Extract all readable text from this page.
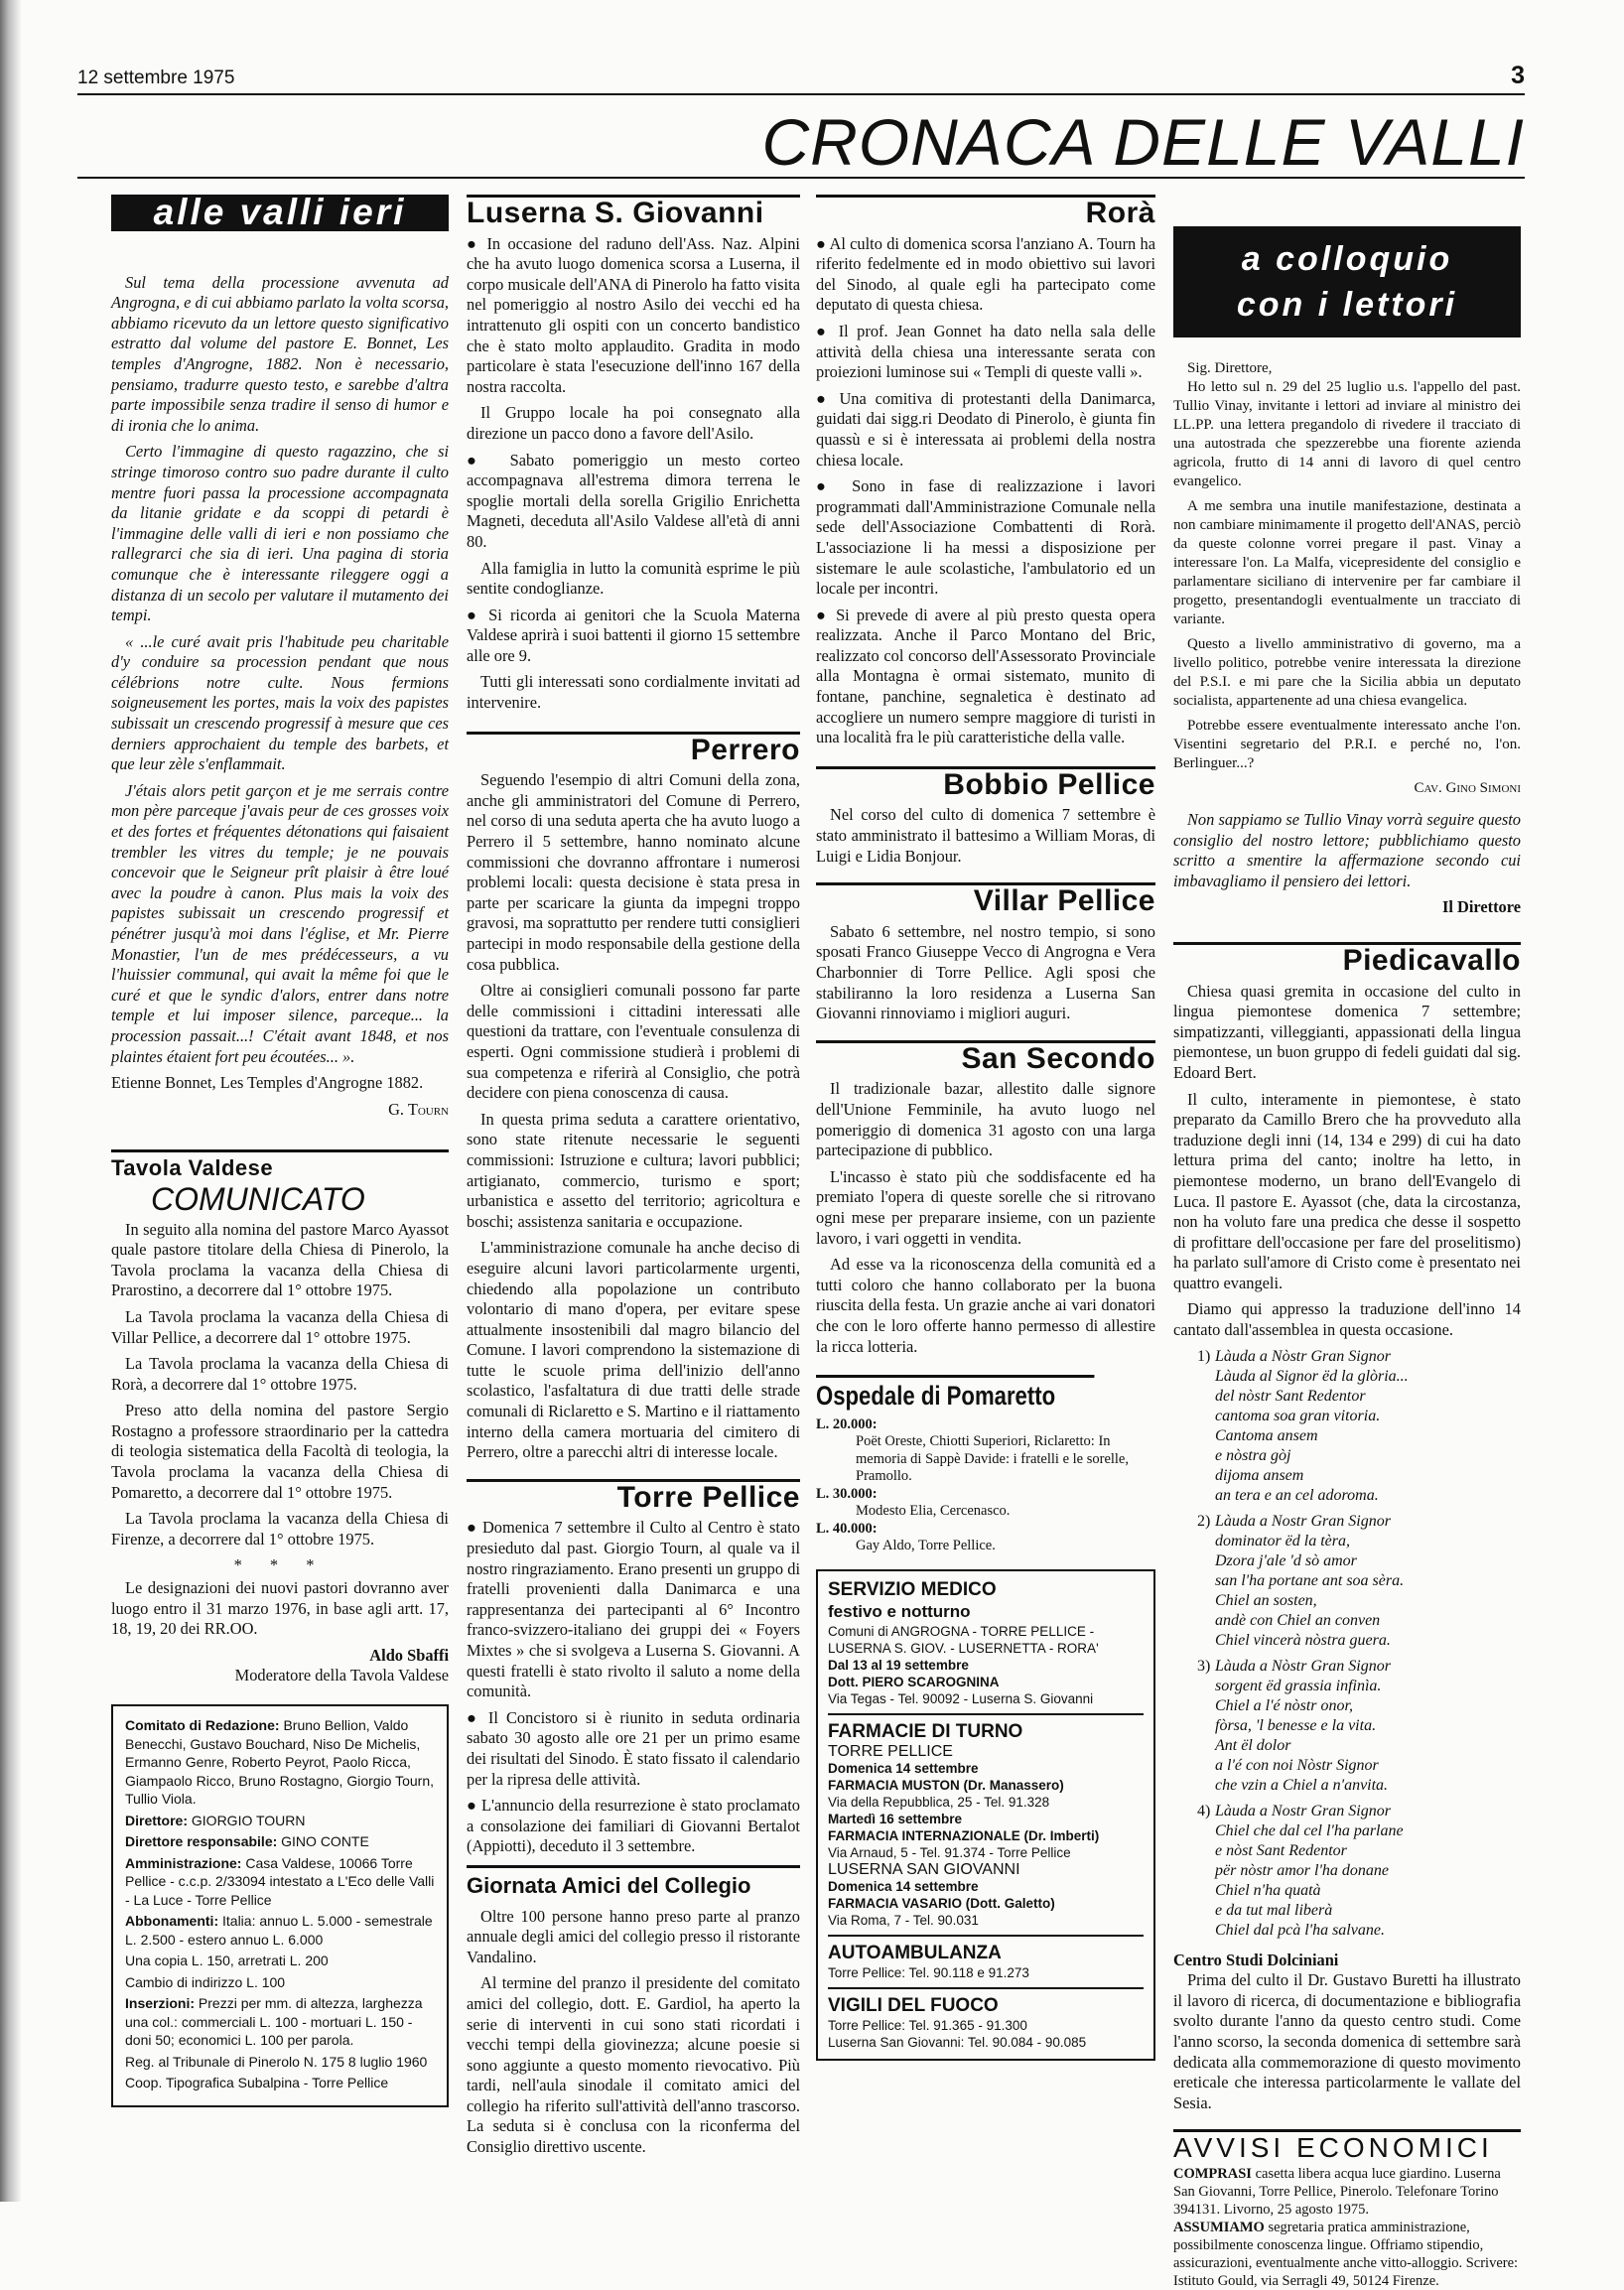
12 settembre 1975	3
CRONACA DELLE VALLI
alle valli ieri

Sul tema della processione avvenuta ad Angrogna, e di cui abbiamo parlato la volta scorsa, abbiamo ricevuto da un lettore questo significativo estratto dal volume del pastore E. Bonnet, Les temples d'Angrogne, 1882. Non è necessario, pensiamo, tradurre questo testo, e sarebbe d'altra parte impossibile senza tradire il senso di humor e di ironia che lo anima.

Certo l'immagine di questo ragazzino, che si stringe timoroso contro suo padre durante il culto mentre fuori passa la processione accompagnata da litanie gridate e da scoppi di petardi è l'immagine delle valli di ieri e non possiamo che rallegrarci che sia di ieri. Una pagina di storia comunque che è interessante rileggere oggi a distanza di un secolo per valutare il mutamento dei tempi.

« ...le curé avait pris l'habitude peu charitable d'y conduire sa procession pendant que nous célébrions notre culte. Nous fermions soigneusement les portes, mais la voix des papistes subissait un crescendo progressif à mesure que ces derniers approchaient du temple des barbets, et que leur zèle s'enflammait.

J'étais alors petit garçon et je me serrais contre mon père parceque j'avais peur de ces grosses voix et des fortes et fréquentes détonations qui faisaient trembler les vitres du temple; je ne pouvais concevoir que le Seigneur prît plaisir à être loué avec la poudre à canon. Plus mais la voix des papistes subissait un crescendo progressif et pénétrer jusqu'à moi dans l'église, et Mr. Pierre Monastier, l'un de mes prédécesseurs, a vu l'huissier communal, qui avait la même foi que le curé et que le syndic d'alors, entrer dans notre temple et lui imposer silence, parceque... la procession passait...! C'était avant 1848, et nos plaintes étaient fort peu écoutées... ».

Etienne Bonnet, Les Temples d'Angrogne 1882.

G. Tourn
Tavola Valdese
COMUNICATO

In seguito alla nomina del pastore Marco Ayassot quale pastore titolare della Chiesa di Pinerolo, la Tavola proclama la vacanza della Chiesa di Prarostino, a decorrere dal 1° ottobre 1975.

La Tavola proclama la vacanza della Chiesa di Villar Pellice, a decorrere dal 1° ottobre 1975.

La Tavola proclama la vacanza della Chiesa di Rorà, a decorrere dal 1° ottobre 1975.

Preso atto della nomina del pastore Sergio Rostagno a professore straordinario per la cattedra di teologia sistematica della Facoltà di teologia, la Tavola proclama la vacanza della Chiesa di Pomaretto, a decorrere dal 1° ottobre 1975.

La Tavola proclama la vacanza della Chiesa di Firenze, a decorrere dal 1° ottobre 1975.

* * *

Le designazioni dei nuovi pastori dovranno aver luogo entro il 31 marzo 1976, in base agli artt. 17, 18, 19, 20 dei RR.OO.

Aldo Sbaffi
Moderatore della Tavola Valdese
Comitato di Redazione: Bruno Bellion, Valdo Benecchi, Gustavo Bouchard, Niso De Michelis, Ermanno Genre, Roberto Peyrot, Paolo Ricca, Giampaolo Ricco, Bruno Rostagno, Giorgio Tourn, Tullio Viola.
Direttore: GIORGIO TOURN
Direttore responsabile: GINO CONTE
Amministrazione: Casa Valdese, 10066 Torre Pellice - c.c.p. 2/33094 intestato a L'Eco delle Valli - La Luce - Torre Pellice
Abbonamenti: Italia: annuo L. 5.000 - semestrale L. 2.500 - estero annuo L. 6.000
Una copia L. 150, arretrati L. 200
Cambio di indirizzo L. 100
Inserzioni: Prezzi per mm. di altezza, larghezza una col.: commerciali L. 100 - mortuari L. 150 - doni 50; economici L. 100 per parola.
Reg. al Tribunale di Pinerolo N. 175 8 luglio 1960
Coop. Tipografica Subalpina - Torre Pellice
Luserna S. Giovanni

● In occasione del raduno dell'Ass. Naz. Alpini che ha avuto luogo domenica scorsa a Luserna, il corpo musicale dell'ANA di Pinerolo ha fatto visita nel pomeriggio al nostro Asilo dei vecchi ed ha intrattenuto gli ospiti con un concerto bandistico che è stato molto applaudito. Gradita in modo particolare è stata l'esecuzione dell'inno 167 della nostra raccolta.

Il Gruppo locale ha poi consegnato alla direzione un pacco dono a favore dell'Asilo.

● Sabato pomeriggio un mesto corteo accompagnava all'estrema dimora terrena le spoglie mortali della sorella Grigilio Enrichetta Magneti, deceduta all'Asilo Valdese all'età di anni 80.

Alla famiglia in lutto la comunità esprime le più sentite condoglianze.

● Si ricorda ai genitori che la Scuola Materna Valdese aprirà i suoi battenti il giorno 15 settembre alle ore 9.

Tutti gli interessati sono cordialmente invitati ad intervenire.

Perrero

Seguendo l'esempio di altri Comuni della zona, anche gli amministratori del Comune di Perrero, nel corso di una seduta aperta che ha avuto luogo a Perrero il 5 settembre, hanno nominato alcune commissioni che dovranno affrontare i numerosi problemi locali: questa decisione è stata presa in parte per scaricare la giunta da impegni troppo gravosi, ma soprattutto per rendere tutti consiglieri partecipi in modo responsabile della gestione della cosa pubblica.

Oltre ai consiglieri comunali possono far parte delle commissioni i cittadini interessati alle questioni da trattare, con l'eventuale consulenza di esperti. Ogni commissione studierà i problemi di sua competenza e riferirà al Consiglio, che potrà decidere con piena conoscenza di causa.

In questa prima seduta a carattere orientativo, sono state ritenute necessarie le seguenti commissioni: Istruzione e cultura; lavori pubblici; artigianato, commercio, turismo e sport; urbanistica e assetto del territorio; agricoltura e boschi; assistenza sanitaria e occupazione.

L'amministrazione comunale ha anche deciso di eseguire alcuni lavori particolarmente urgenti, chiedendo alla popolazione un contributo volontario di mano d'opera, per evitare spese attualmente insostenibili dal magro bilancio del Comune. I lavori comprendono la sistemazione di tutte le scuole prima dell'inizio dell'anno scolastico, l'asfaltatura di due tratti delle strade comunali di Riclaretto e S. Martino e il riattamento interno della camera mortuaria del cimitero di Perrero, oltre a parecchi altri di interesse locale.

Torre Pellice

● Domenica 7 settembre il Culto al Centro è stato presieduto dal past. Giorgio Tourn, al quale va il nostro ringraziamento. Erano presenti un gruppo di fratelli provenienti dalla Danimarca e una rappresentanza dei partecipanti al 6° Incontro franco-svizzero-italiano dei gruppi dei « Foyers Mixtes » che si svolgeva a Luserna S. Giovanni. A questi fratelli è stato rivolto il saluto a nome della comunità.

● Il Concistoro si è riunito in seduta ordinaria sabato 30 agosto alle ore 21 per un primo esame dei risultati del Sinodo. È stato fissato il calendario per la ripresa delle attività.

● L'annuncio della resurrezione è stato proclamato a consolazione dei familiari di Giovanni Bertalot (Appiotti), deceduto il 3 settembre.

Giornata Amici del Collegio

Oltre 100 persone hanno preso parte al pranzo annuale degli amici del collegio presso il ristorante Vandalino.

Al termine del pranzo il presidente del comitato amici del collegio, dott. E. Gardiol, ha aperto la serie di interventi in cui sono stati ricordati i vecchi tempi della giovinezza; alcune poesie si sono aggiunte a questo momento rievocativo. Più tardi, nell'aula sinodale il comitato amici del collegio ha riferito sull'attività dell'anno trascorso. La seduta si è conclusa con la riconferma del Consiglio direttivo uscente.

Rorà

● Al culto di domenica scorsa l'anziano A. Tourn ha riferito fedelmente ed in modo obiettivo sui lavori del Sinodo, al quale egli ha partecipato come deputato di questa chiesa.

● Il prof. Jean Gonnet ha dato nella sala delle attività della chiesa una interessante serata con proiezioni luminose sui « Templi di queste valli ».

● Una comitiva di protestanti della Danimarca, guidati dai sigg.ri Deodato di Pinerolo, è giunta fin quassù e si è interessata ai problemi della nostra chiesa locale.

● Sono in fase di realizzazione i lavori programmati dall'Amministrazione Comunale nella sede dell'Associazione Combattenti di Rorà. L'associazione li ha messi a disposizione per sistemare le aule scolastiche, l'ambulatorio ed un locale per incontri.

● Si prevede di avere al più presto questa opera realizzata. Anche il Parco Montano del Bric, realizzato col concorso dell'Assessorato Provinciale alla Montagna è ormai sistemato, munito di fontane, panchine, segnaletica è destinato ad accogliere un numero sempre maggiore di turisti in una località fra le più caratteristiche della valle.

Bobbio Pellice

Nel corso del culto di domenica 7 settembre è stato amministrato il battesimo a William Moras, di Luigi e Lidia Bonjour.

Villar Pellice

Sabato 6 settembre, nel nostro tempio, si sono sposati Franco Giuseppe Vecco di Angrogna e Vera Charbonnier di Torre Pellice. Agli sposi che stabiliranno la loro residenza a Luserna San Giovanni rinnoviamo i migliori auguri.

San Secondo

Il tradizionale bazar, allestito dalle signore dell'Unione Femminile, ha avuto luogo nel pomeriggio di domenica 31 agosto con una larga partecipazione di pubblico.

L'incasso è stato più che soddisfacente ed ha premiato l'opera di queste sorelle che si ritrovano ogni mese per preparare insieme, con un paziente lavoro, i vari oggetti in vendita.

Ad esse va la riconoscenza della comunità ed a tutti coloro che hanno collaborato per la buona riuscita della festa. Un grazie anche ai vari donatori che con le loro offerte hanno permesso di allestire la ricca lotteria.

Ospedale di Pomaretto
L. 20.000:
Poët Oreste, Chiotti Superiori, Riclaretto: In memoria di Sappè Davide: i fratelli e le sorelle, Pramollo.
L. 30.000:
Modesto Elia, Cercenasco.
L. 40.000:
Gay Aldo, Torre Pellice.
SERVIZIO MEDICO
festivo e notturno
Comuni di ANGROGNA - TORRE PELLICE - LUSERNA S. GIOV. - LUSERNETTA - RORA'
Dal 13 al 19 settembre
Dott. PIERO SCAROGNINA
Via Tegas - Tel. 90092 - Luserna S. Giovanni
FARMACIE DI TURNO
TORRE PELLICE
Domenica 14 settembre
FARMACIA MUSTON (Dr. Manassero)
Via della Repubblica, 25 - Tel. 91.328
Martedì 16 settembre
FARMACIA INTERNAZIONALE (Dr. Imberti)
Via Arnaud, 5 - Tel. 91.374 - Torre Pellice
LUSERNA SAN GIOVANNI
Domenica 14 settembre
FARMACIA VASARIO (Dott. Galetto)
Via Roma, 7 - Tel. 90.031
AUTOAMBULANZA
Torre Pellice: Tel. 90.118 e 91.273
VIGILI DEL FUOCO
Torre Pellice: Tel. 91.365 - 91.300
Luserna San Giovanni: Tel. 90.084 - 90.085
a colloquio
con i lettori
Sig. Direttore,

Ho letto sul n. 29 del 25 luglio u.s. l'appello del past. Tullio Vinay, invitante i lettori ad inviare al ministro dei LL.PP. una lettera pregandolo di rivedere il tracciato di una autostrada che spezzerebbe una fiorente azienda agricola, frutto di 14 anni di lavoro di quel centro evangelico.

A me sembra una inutile manifestazione, destinata a non cambiare minimamente il progetto dell'ANAS, perciò da queste colonne vorrei pregare il past. Vinay a interessare l'on. La Malfa, vicepresidente del consiglio e parlamentare siciliano di intervenire per far cambiare il progetto, presentandogli eventualmente un tracciato di variante.

Questo a livello amministrativo di governo, ma a livello politico, potrebbe venire interessata la direzione del P.S.I. e mi pare che la Sicilia abbia un deputato socialista, appartenente ad una chiesa evangelica.

Potrebbe essere eventualmente interessato anche l'on. Visentini segretario del P.R.I. e perché no, l'on. Berlinguer...?

Cav. Gino Simoni

Non sappiamo se Tullio Vinay vorrà seguire questo consiglio del nostro lettore; pubblichiamo questo scritto a smentire la affermazione secondo cui imbavagliamo il pensiero dei lettori.

Il Direttore
Piedicavallo

Chiesa quasi gremita in occasione del culto in lingua piemontese domenica 7 settembre; simpatizzanti, villeggianti, appassionati della lingua piemontese, un buon gruppo di fedeli guidati dal sig. Edoard Bert.

Il culto, interamente in piemontese, è stato preparato da Camillo Brero che ha provveduto alla traduzione degli inni (14, 134 e 299) di cui ha dato lettura prima del canto; inoltre ha letto, in piemontese moderno, un brano dell'Evangelo di Luca. Il pastore E. Ayassot (che, data la circostanza, non ha voluto fare una predica che desse il sospetto di profittare dell'occasione per fare del proselitismo) ha parlato sull'amore di Cristo come è presentato nei quattro evangeli.

Diamo qui appresso la traduzione dell'inno 14 cantato dall'assemblea in questa occasione.

1) Làuda a Nòstr Gran Signor
Làuda al Signor ëd la glòria...
del nòstr Sant Redentor
cantoma soa gran vitoria.
Cantoma ansem
e nòstra gòj
dijoma ansem
an tera e an cel adoroma.
2) Làuda a Nostr Gran Signor
dominator ëd la tèra,
Dzora j'ale 'd sò amor
san l'ha portane ant soa sèra.
Chiel an sosten,
andè con Chiel an conven
Chiel vincerà nòstra guera.
3) Làuda a Nòstr Gran Signor
sorgent ëd grassia infinìa.
Chiel a l'é nòstr onor,
fòrsa, 'l benesse e la vita.
Ant ël dolor
a l'é con noi Nòstr Signor
che vzin a Chiel a n'anvita.
4) Làuda a Nostr Gran Signor
Chiel che dal cel l'ha parlane
e nòst Sant Redentor
për nòstr amor l'ha donane
Chiel n'ha quatà
e da tut mal liberà
Chiel dal pcà l'ha salvane.
Centro Studi Dolciniani

Prima del culto il Dr. Gustavo Buretti ha illustrato il lavoro di ricerca, di documentazione e bibliografia svolto durante l'anno da questo centro studi. Come l'anno scorso, la seconda domenica di settembre sarà dedicata alla commemorazione di questo movimento ereticale che interessa particolarmente le vallate del Sesia.

AVVISI ECONOMICI
COMPRASI casetta libera acqua luce giardino. Luserna San Giovanni, Torre Pellice, Pinerolo. Telefonare Torino 394131. Livorno, 25 agosto 1975.
ASSUMIAMO segretaria pratica amministrazione, possibilmente conoscenza lingue. Offriamo stipendio, assicurazioni, eventualmente anche vitto-alloggio. Scrivere: Istituto Gould, via Serragli 49, 50124 Firenze.
